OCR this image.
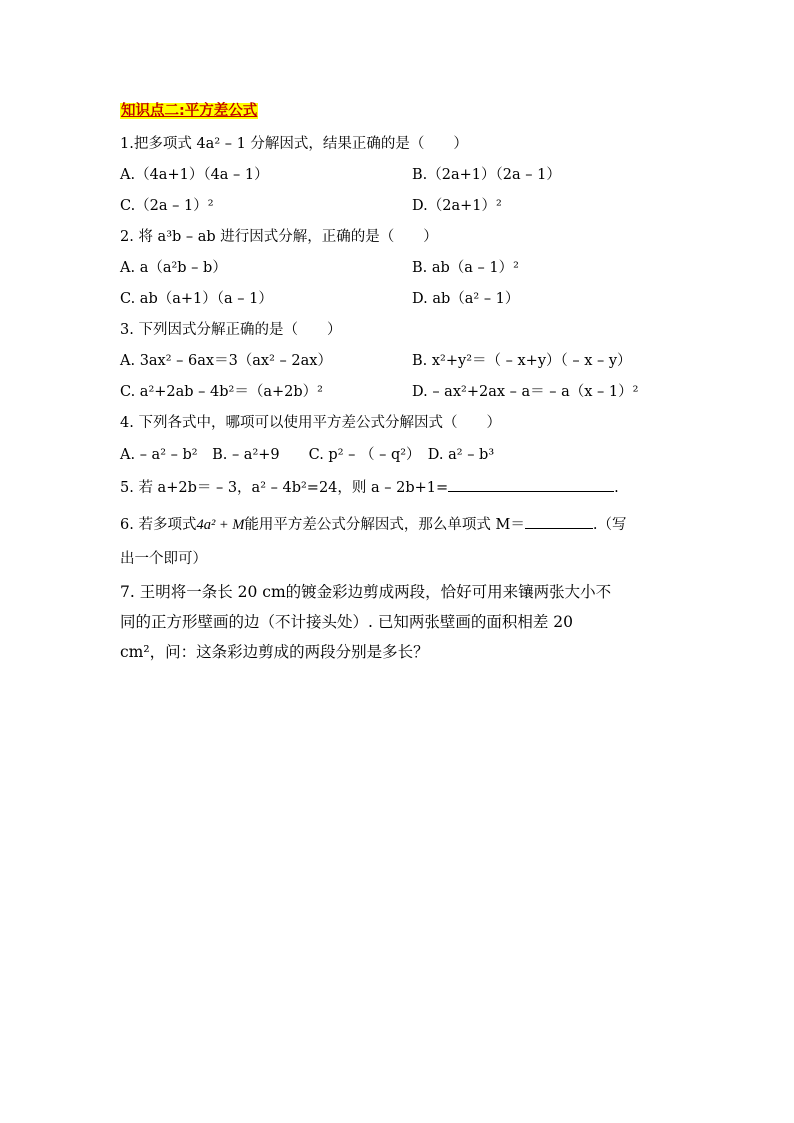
知识点二:平方差公式
1.把多项式 4a² – 1 分解因式，结果正确的是（　　）
A.（4a+1）（4a – 1）	B.（2a+1）（2a – 1）
C.（2a – 1）²	D.（2a+1）²
2. 将 a³b – ab 进行因式分解，正确的是（　　）
A. a（a²b – b）	B. ab（a – 1）²
C. ab（a+1）（a – 1）	D. ab（a² – 1）
3. 下列因式分解正确的是（　　）
A. 3ax² – 6ax＝3（ax² – 2ax）	B. x²+y²＝（ – x+y）（ – x – y）
C. a²+2ab – 4b²＝（a+2b）²	D. – ax²+2ax – a＝ – a（x – 1）²
4. 下列各式中，哪项可以使用平方差公式分解因式（　　）
A. – a² – b²　B. – a²+9　　C. p² – （ – q²）　D. a² – b³
5. 若 a+2b＝ – 3，a² – 4b²=24，则 a – 2b+1=	.
6. 若多项式4a² + M能用平方差公式分解因式，那么单项式 M＝	.（写
出一个即可）
7. 王明将一条长 20 cm的镀金彩边剪成两段，恰好可用来镶两张大小不
同的正方形壁画的边（不计接头处）. 已知两张壁画的面积相差 20
cm²，问：这条彩边剪成的两段分别是多长？
